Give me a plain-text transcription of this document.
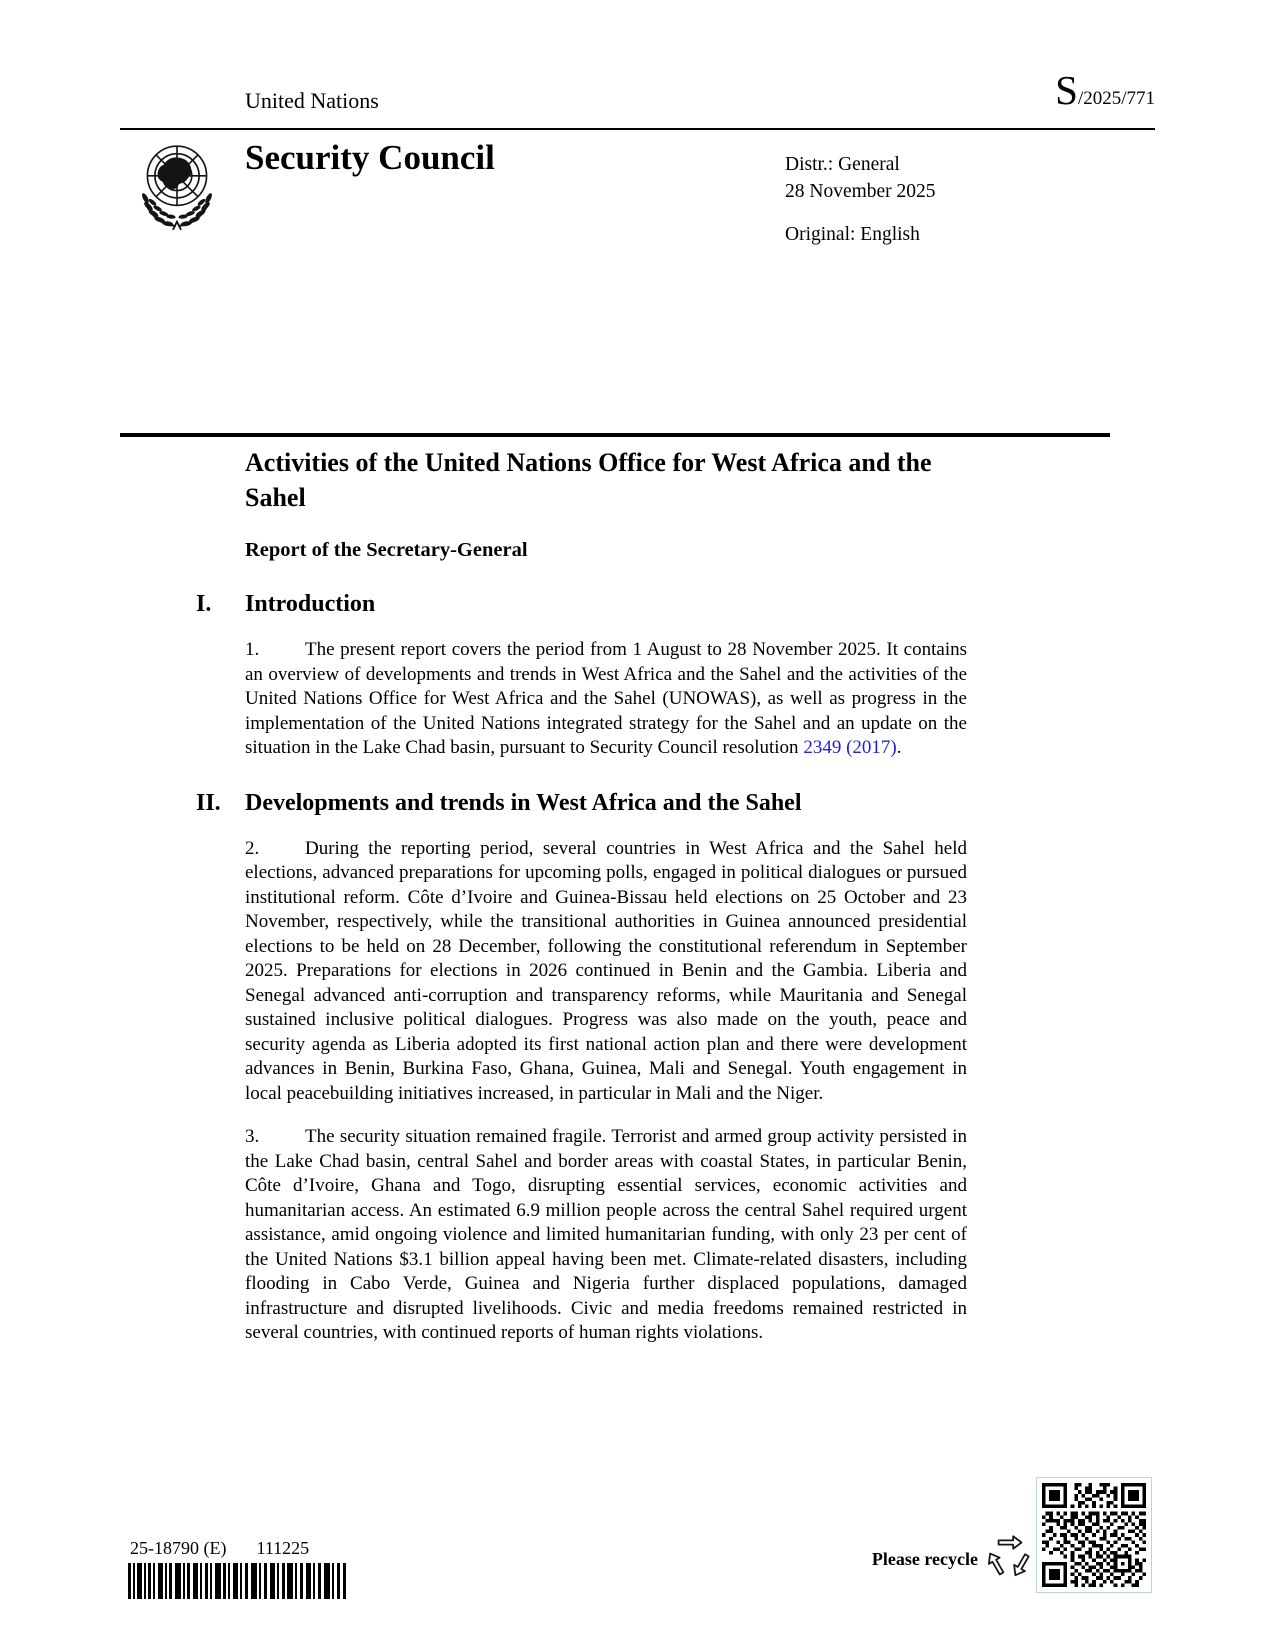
United Nations	S /2025/771
Security Council	Distr.: General
28 November 2025
Original: English
Activities of the United Nations Office for West Africa and the Sahel
Report of the Secretary-General
I. Introduction

1. The present report covers the period from 1 August to 28 November 2025. It contains an overview of developments and trends in West Africa and the Sahel and the activities of the United Nations Office for West Africa and the Sahel (UNOWAS), as well as progress in the implementation of the United Nations integrated strategy for the Sahel and an update on the situation in the Lake Chad basin, pursuant to Security Council resolution 2349 (2017).

II. Developments and trends in West Africa and the Sahel

2. During the reporting period, several countries in West Africa and the Sahel held elections, advanced preparations for upcoming polls, engaged in political dialogues or pursued institutional reform. Côte d’Ivoire and Guinea-Bissau held elections on 25 October and 23 November, respectively, while the transitional authorities in Guinea announced presidential elections to be held on 28 December, following the constitutional referendum in September 2025. Preparations for elections in 2026 continued in Benin and the Gambia. Liberia and Senegal advanced anti-corruption and transparency reforms, while Mauritania and Senegal sustained inclusive political dialogues. Progress was also made on the youth, peace and security agenda as Liberia adopted its first national action plan and there were development advances in Benin, Burkina Faso, Ghana, Guinea, Mali and Senegal. Youth engagement in local peacebuilding initiatives increased, in particular in Mali and the Niger.

3. The security situation remained fragile. Terrorist and armed group activity persisted in the Lake Chad basin, central Sahel and border areas with coastal States, in particular Benin, Côte d’Ivoire, Ghana and Togo, disrupting essential services, economic activities and humanitarian access. An estimated 6.9 million people across the central Sahel required urgent assistance, amid ongoing violence and limited humanitarian funding, with only 23 per cent of the United Nations $3.1 billion appeal having been met. Climate-related disasters, including flooding in Cabo Verde, Guinea and Nigeria further displaced populations, damaged infrastructure and disrupted livelihoods. Civic and media freedoms remained restricted in several countries, with continued reports of human rights violations.

25-18790 (E) 111225
Please recycle
